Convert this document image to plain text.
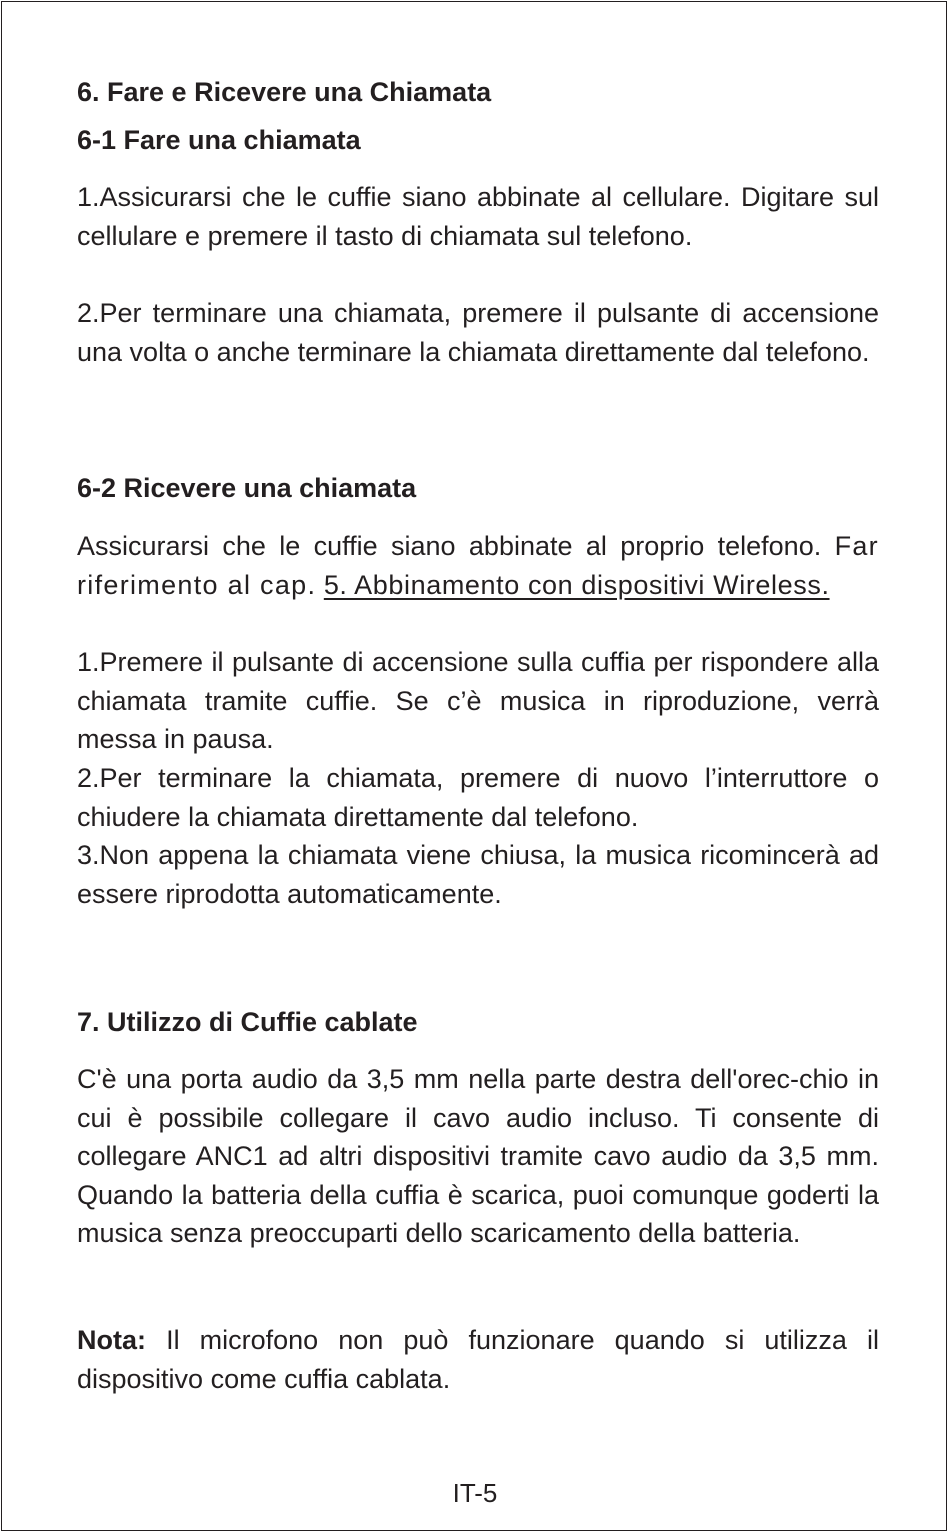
6. Fare e Ricevere una Chiamata
6-1 Fare una chiamata

1.Assicurarsi che le cuffie siano abbinate al cellulare. Digitare sul cellulare e premere il tasto di chiamata sul telefono.

2.Per terminare una chiamata, premere il pulsante di accensione una volta o anche terminare la chiamata direttamente dal telefono.

6-2 Ricevere una chiamata

Assicurarsi che le cuffie siano abbinate al proprio telefono. Far riferimento al cap. 5. Abbinamento con dispositivi Wireless.

1.Premere il pulsante di accensione sulla cuffia per rispondere alla chiamata tramite cuffie. Se c’è musica in riproduzione, verrà messa in pausa.

2.Per terminare la chiamata, premere di nuovo l’interruttore o chiudere la chiamata direttamente dal telefono.

3.Non appena la chiamata viene chiusa, la musica ricomincerà ad essere riprodotta automaticamente.

7. Utilizzo di Cuffie cablate

C'è una porta audio da 3,5 mm nella parte destra dell'orec-chio in cui è possibile collegare il cavo audio incluso. Ti consente di collegare ANC1 ad altri dispositivi tramite cavo audio da 3,5 mm. Quando la batteria della cuffia è scarica, puoi comunque goderti la musica senza preoccuparti dello scaricamento della batteria.

Nota: Il microfono non può funzionare quando si utilizza il dispositivo come cuffia cablata.

IT-5
